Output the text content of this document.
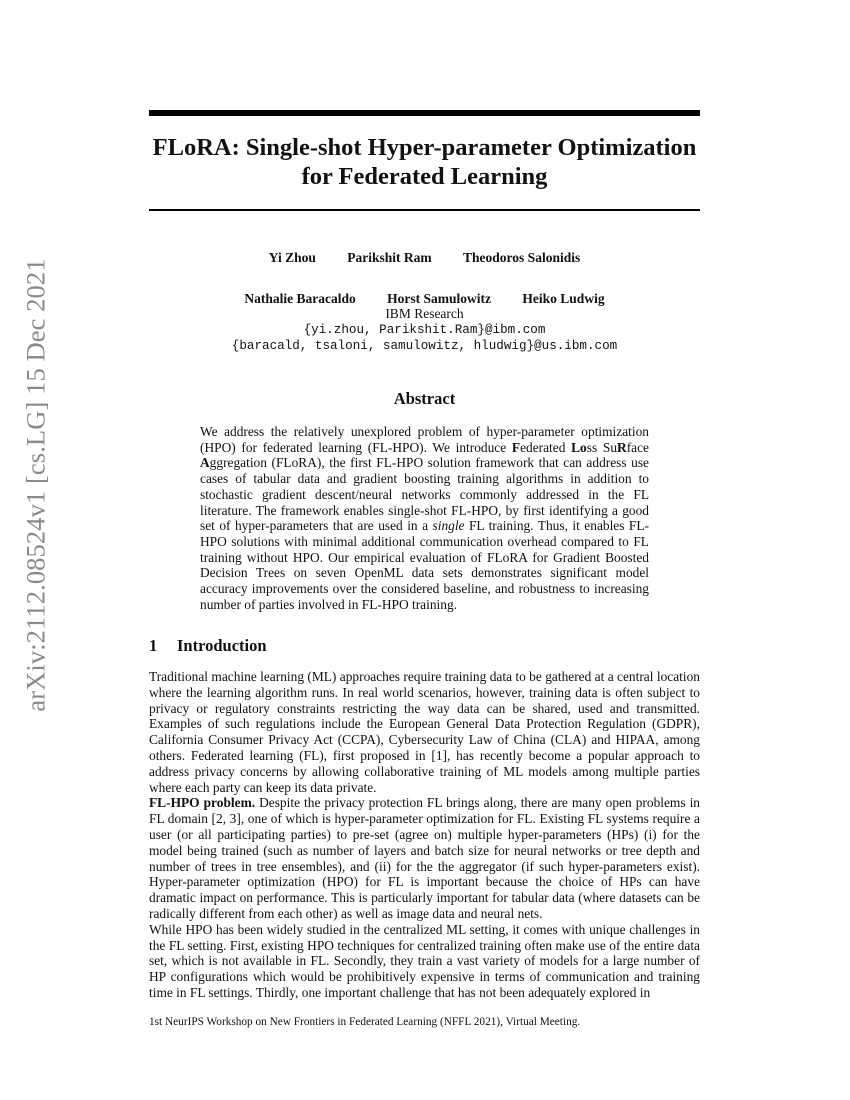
arXiv:2112.08524v1 [cs.LG] 15 Dec 2021
FLoRA: Single-shot Hyper-parameter Optimization
for Federated Learning
Yi Zhou Parikshit Ram Theodoros Salonidis
Nathalie Baracaldo Horst Samulowitz Heiko Ludwig
IBM Research
{yi.zhou, Parikshit.Ram}@ibm.com
{baracald, tsaloni, samulowitz, hludwig}@us.ibm.com
Abstract

We address the relatively unexplored problem of hyper-parameter optimization (HPO) for federated learning (FL-HPO). We introduce Federated Loss SuRface Aggregation (FLoRA), the first FL-HPO solution framework that can address use cases of tabular data and gradient boosting training algorithms in addition to stochastic gradient descent/neural networks commonly addressed in the FL literature. The framework enables single-shot FL-HPO, by first identifying a good set of hyper-parameters that are used in a single FL training. Thus, it enables FL-HPO solutions with minimal additional communication overhead compared to FL training without HPO. Our empirical evaluation of FLoRA for Gradient Boosted Decision Trees on seven OpenML data sets demonstrates significant model accuracy improvements over the considered baseline, and robustness to increasing number of parties involved in FL-HPO training.

1 Introduction

Traditional machine learning (ML) approaches require training data to be gathered at a central location where the learning algorithm runs. In real world scenarios, however, training data is often subject to privacy or regulatory constraints restricting the way data can be shared, used and transmitted. Examples of such regulations include the European General Data Protection Regulation (GDPR), California Consumer Privacy Act (CCPA), Cybersecurity Law of China (CLA) and HIPAA, among others. Federated learning (FL), first proposed in [1], has recently become a popular approach to address privacy concerns by allowing collaborative training of ML models among multiple parties where each party can keep its data private.

FL-HPO problem. Despite the privacy protection FL brings along, there are many open problems in FL domain [2, 3], one of which is hyper-parameter optimization for FL. Existing FL systems require a user (or all participating parties) to pre-set (agree on) multiple hyper-parameters (HPs) (i) for the model being trained (such as number of layers and batch size for neural networks or tree depth and number of trees in tree ensembles), and (ii) for the the aggregator (if such hyper-parameters exist). Hyper-parameter optimization (HPO) for FL is important because the choice of HPs can have dramatic impact on performance. This is particularly important for tabular data (where datasets can be radically different from each other) as well as image data and neural nets.

While HPO has been widely studied in the centralized ML setting, it comes with unique challenges in the FL setting. First, existing HPO techniques for centralized training often make use of the entire data set, which is not available in FL. Secondly, they train a vast variety of models for a large number of HP configurations which would be prohibitively expensive in terms of communication and training time in FL settings. Thirdly, one important challenge that has not been adequately explored in

1st NeurIPS Workshop on New Frontiers in Federated Learning (NFFL 2021), Virtual Meeting.
